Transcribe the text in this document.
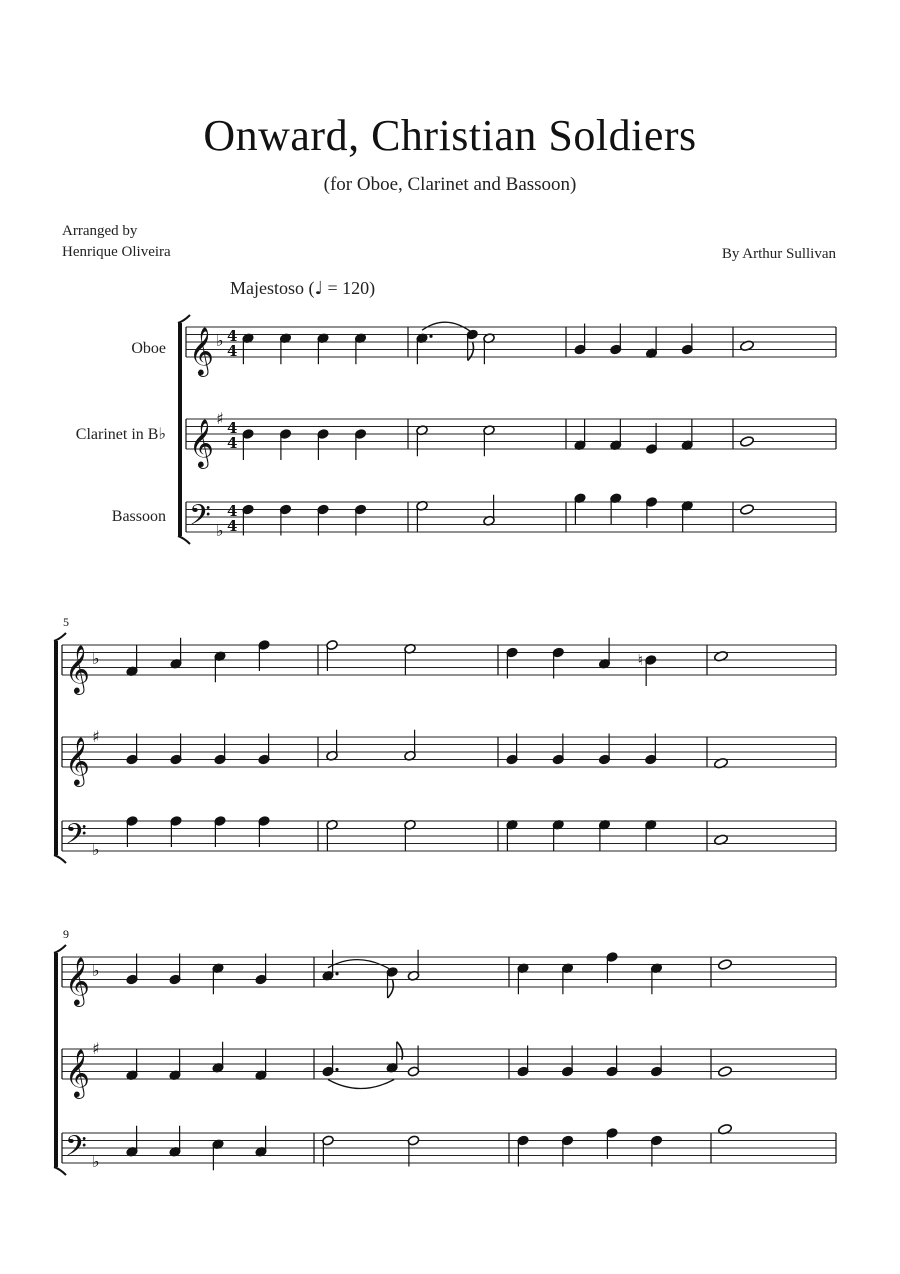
Onward, Christian Soldiers
(for Oboe, Clarinet and Bassoon)
Arranged by
Henrique Oliveira	By Arthur Sullivan
Majestoso (♩ = 120)
Oboe
Clarinet in B♭
Bassoon
5
9
𝄞 ♭ 4
4
𝄞 ♯ 4
4
𝄢 ♭
4
4
𝄞 ♭	♮
𝄞 ♯
𝄢 ♭
𝄞 ♭
𝄞 ♯
𝄢 ♭
